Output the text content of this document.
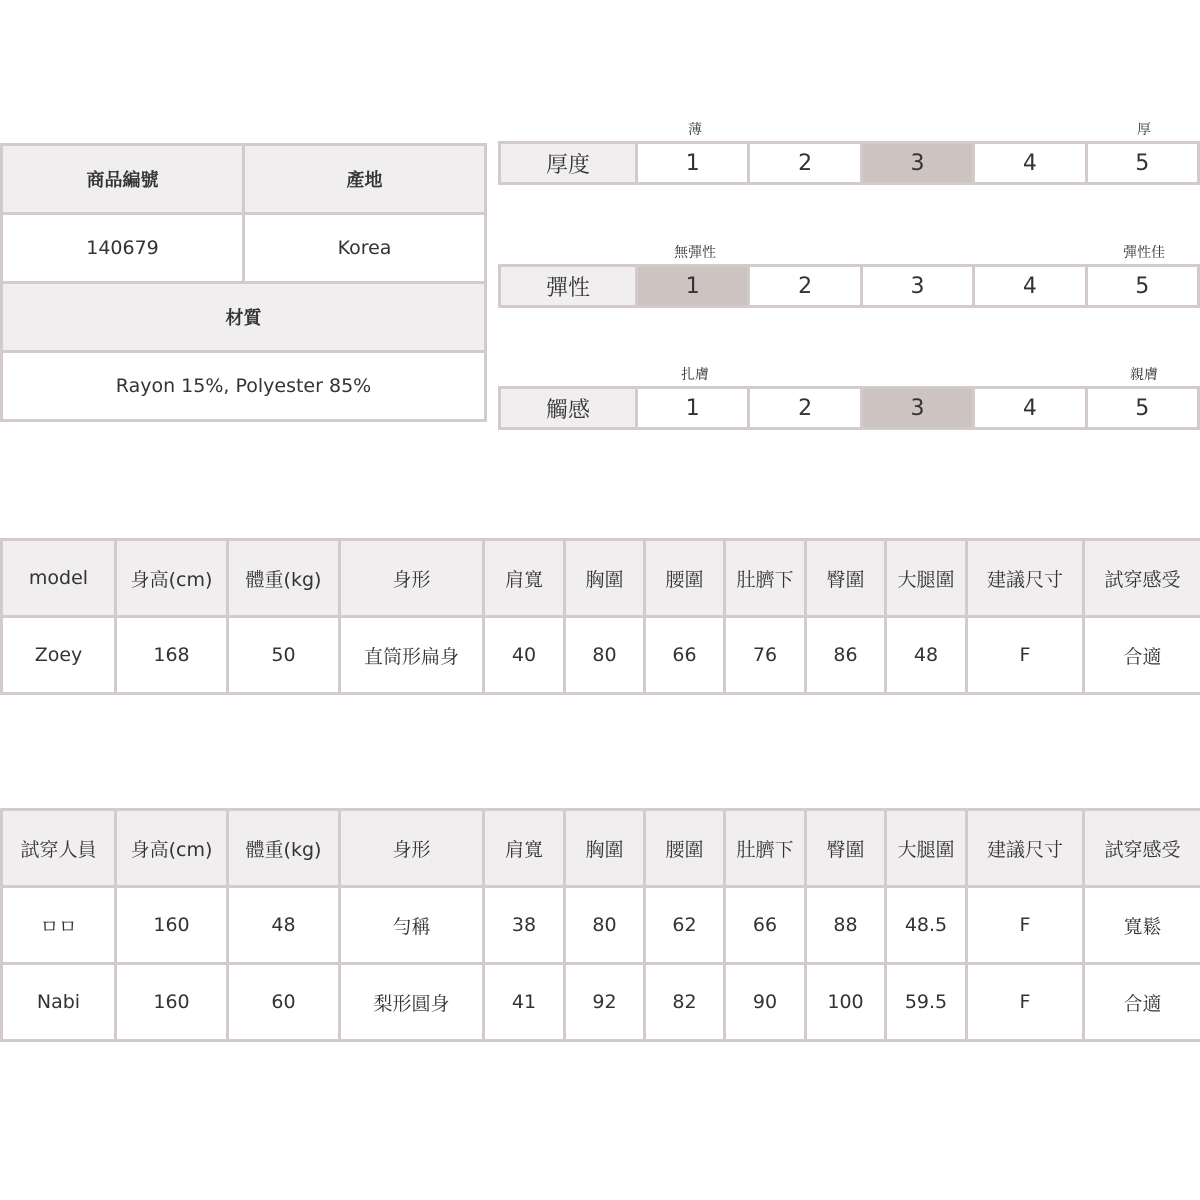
商品編號	產地
140679	Korea
材質	
Rayon 15%, Polyester 85%	
薄	厚
厚度	1	2	3	4	5
無彈性	彈性佳
彈性	1	2	3	4	5
扎膚	親膚
觸感	1	2	3	4	5
model	身高(cm)	體重(kg)	身形	肩寬	胸圍	腰圍	肚臍下	臀圍	大腿圍	建議尺寸	試穿感受
Zoey	168	50	直筒形扁身	40	80	66	76	86	48	F	合適
試穿人員	身高(cm)	體重(kg)	身形	肩寬	胸圍	腰圍	肚臍下	臀圍	大腿圍	建議尺寸	試穿感受
ㅁㅁ	160	48	勻稱	38	80	62	66	88	48.5	F	寬鬆
Nabi	160	60	梨形圓身	41	92	82	90	100	59.5	F	合適
